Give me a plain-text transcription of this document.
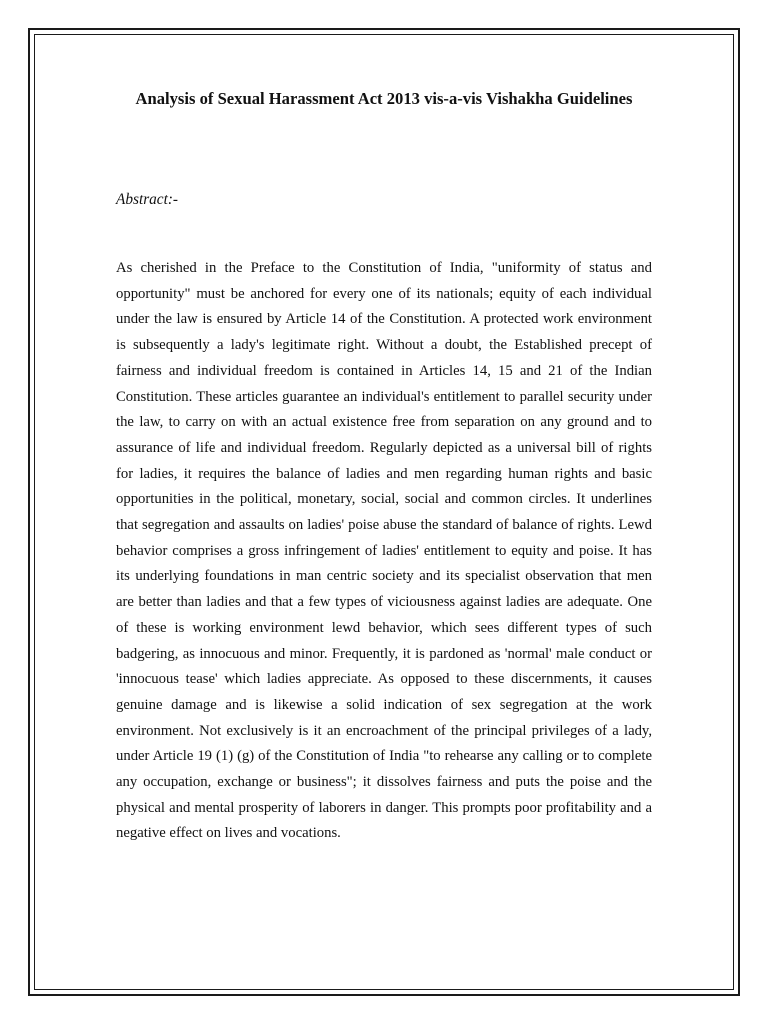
Analysis of Sexual Harassment Act 2013 vis-a-vis Vishakha Guidelines

Abstract:-

As cherished in the Preface to the Constitution of India, "uniformity of status and opportunity" must be anchored for every one of its nationals; equity of each individual under the law is ensured by Article 14 of the Constitution. A protected work environment is subsequently a lady's legitimate right. Without a doubt, the Established precept of fairness and individual freedom is contained in Articles 14, 15 and 21 of the Indian Constitution. These articles guarantee an individual's entitlement to parallel security under the law, to carry on with an actual existence free from separation on any ground and to assurance of life and individual freedom. Regularly depicted as a universal bill of rights for ladies, it requires the balance of ladies and men regarding human rights and basic opportunities in the political, monetary, social, social and common circles. It underlines that segregation and assaults on ladies' poise abuse the standard of balance of rights. Lewd behavior comprises a gross infringement of ladies' entitlement to equity and poise. It has its underlying foundations in man centric society and its specialist observation that men are better than ladies and that a few types of viciousness against ladies are adequate. One of these is working environment lewd behavior, which sees different types of such badgering, as innocuous and minor. Frequently, it is pardoned as 'normal' male conduct or 'innocuous tease' which ladies appreciate. As opposed to these discernments, it causes genuine damage and is likewise a solid indication of sex segregation at the work environment. Not exclusively is it an encroachment of the principal privileges of a lady, under Article 19 (1) (g) of the Constitution of India "to rehearse any calling or to complete any occupation, exchange or business"; it dissolves fairness and puts the poise and the physical and mental prosperity of laborers in danger. This prompts poor profitability and a negative effect on lives and vocations.
